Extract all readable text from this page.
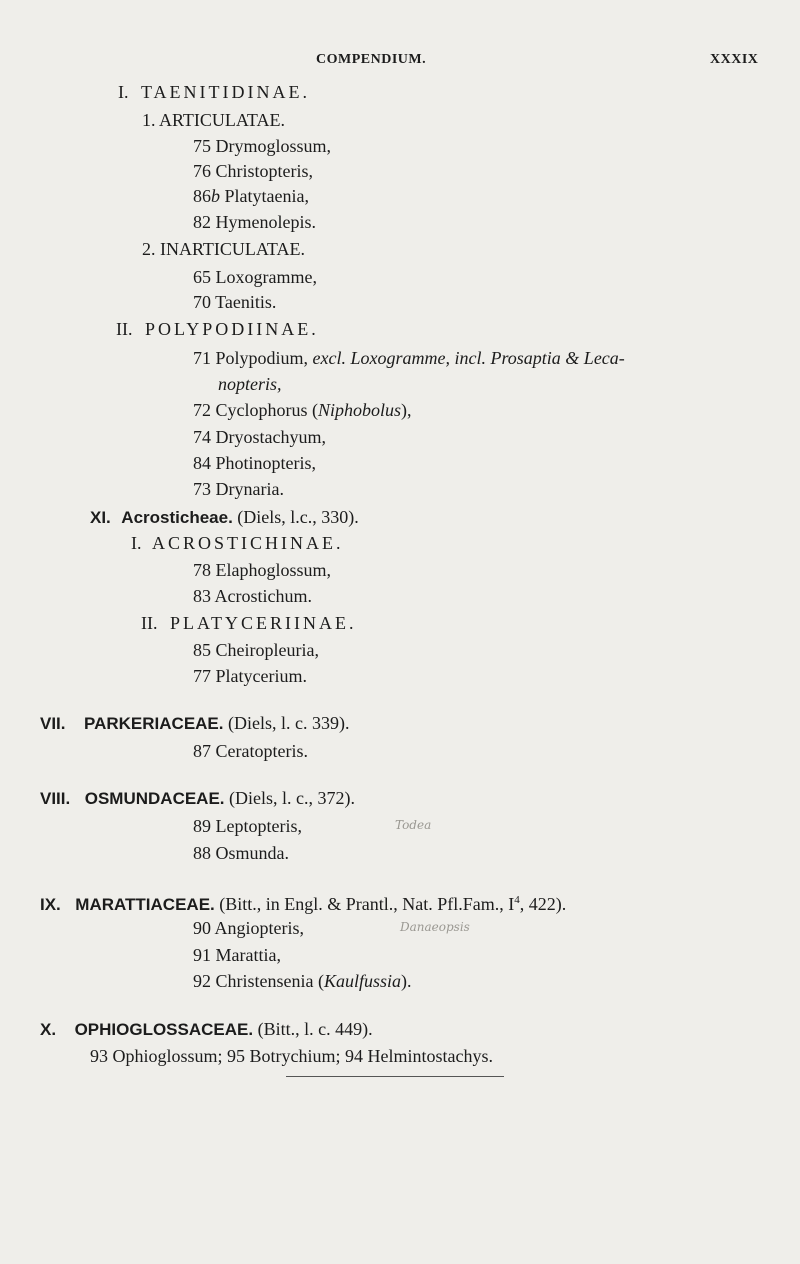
COMPENDIUM.	XXXIX
I. TAENITIDINAE.
1. ARTICULATAE.
75 Drymoglossum,
76 Christopteris,
86b Platytaenia,
82 Hymenolepis.
2. INARTICULATAE.
65 Loxogramme,
70 Taenitis.
II. POLYPODIINAE.
71 Polypodium, excl. Loxogramme, incl. Prosaptia & Leca-
nopteris,
72 Cyclophorus (Niphobolus),
74 Dryostachyum,
84 Photinopteris,
73 Drynaria.
XI. Acrosticheae. (Diels, l.c., 330).
I. ACROSTICHINAE.
78 Elaphoglossum,
83 Acrostichum.
II. PLATYCERIINAE.
85 Cheiropleuria,
77 Platycerium.
VII. PARKERIACEAE. (Diels, l. c. 339).
87 Ceratopteris.
VIII. OSMUNDACEAE. (Diels, l. c., 372).
89 Leptopteris,	Todea
88 Osmunda.
IX. MARATTIACEAE. (Bitt., in Engl. & Prantl., Nat. Pfl.Fam., $I^4$, 422).
90 Angiopteris,	Danaeopsis
91 Marattia,
92 Christensenia (Kaulfussia).
X. OPHIOGLOSSACEAE. (Bitt., l. c. 449).
93 Ophioglossum; 95 Botrychium; 94 Helmintostachys.
